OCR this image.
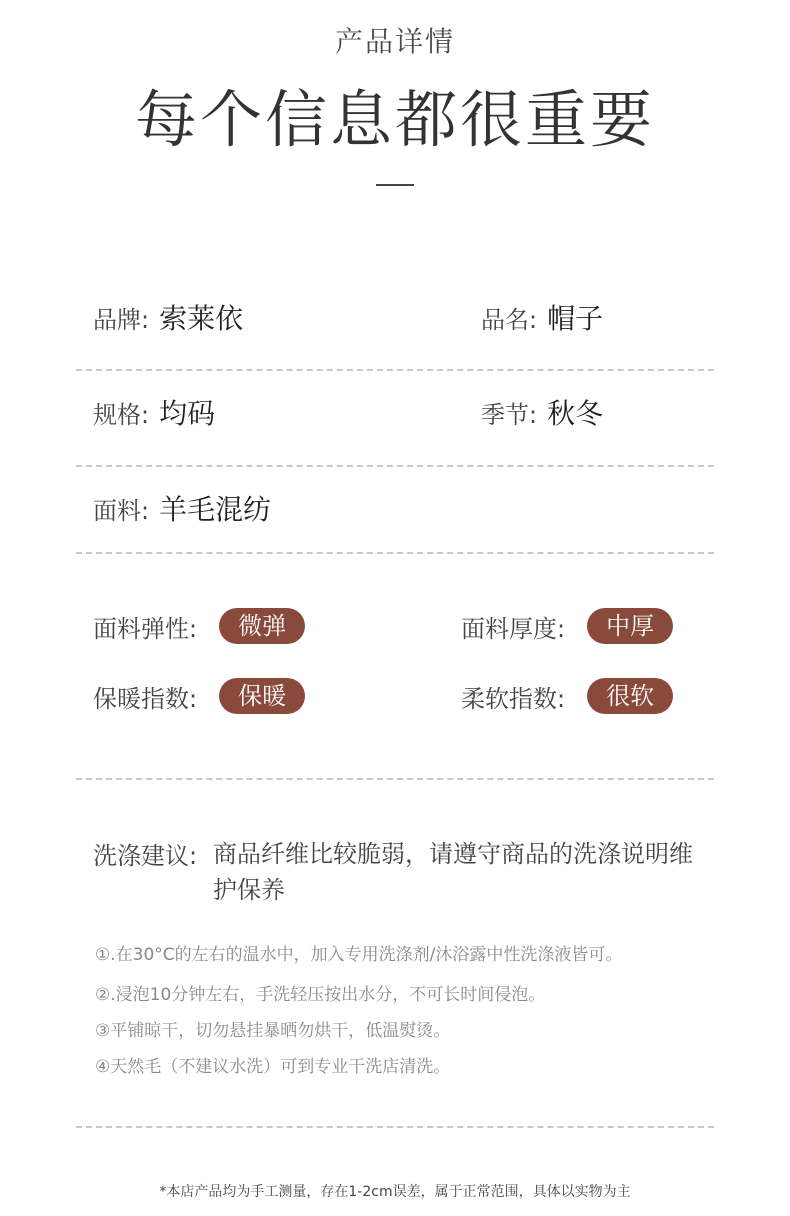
产品详情
每个信息都很重要
品牌: 索莱依	品名: 帽子
规格: 均码	季节: 秋冬
面料: 羊毛混纺
面料弹性:	微弹	面料厚度:	中厚
保暖指数:	保暖	柔软指数:	很软
洗涤建议: 商品纤维比较脆弱，请遵守商品的洗涤说明维护保养
①.在30°C的左右的温水中，加入专用洗涤剂/沐浴露中性洗涤液皆可。
②.浸泡10分钟左右，手洗轻压按出水分，不可长时间侵泡。
③平铺晾干，切勿悬挂暴晒勿烘干，低温熨烫。
④天然毛（不建议水洗）可到专业干洗店清洗。
*本店产品均为手工测量，存在1-2cm误差，属于正常范围，具体以实物为主
